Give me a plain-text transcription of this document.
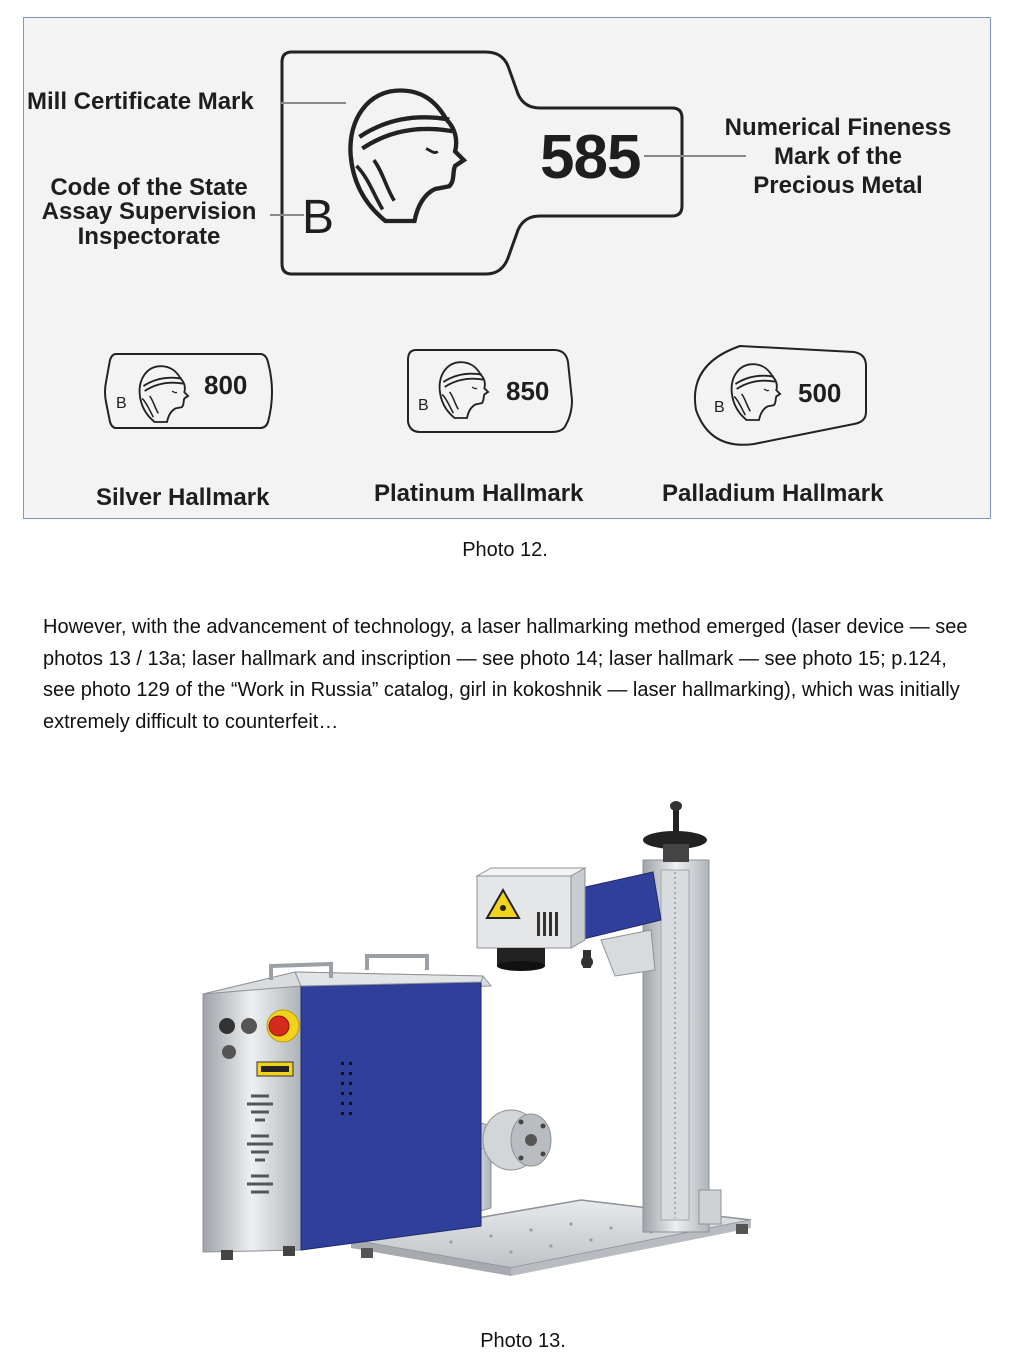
B
585
Mill Certificate Mark
Code of the State
Assay Supervision
Inspectorate
Numerical Fineness
Mark of the
Precious Metal
B
800
B	850
B	500
Silver Hallmark	Platinum Hallmark	Palladium Hallmark
Photo 12.
However, with the advancement of technology, a laser hallmarking method emerged (laser device — see photos 13 / 13a; laser hallmark and inscription — see photo 14; laser hallmark — see photo 15; p.124, see photo 129 of the “Work in Russia” catalog, girl in kokoshnik — laser hallmarking), which was initially extremely difficult to counterfeit…
Photo 13.
